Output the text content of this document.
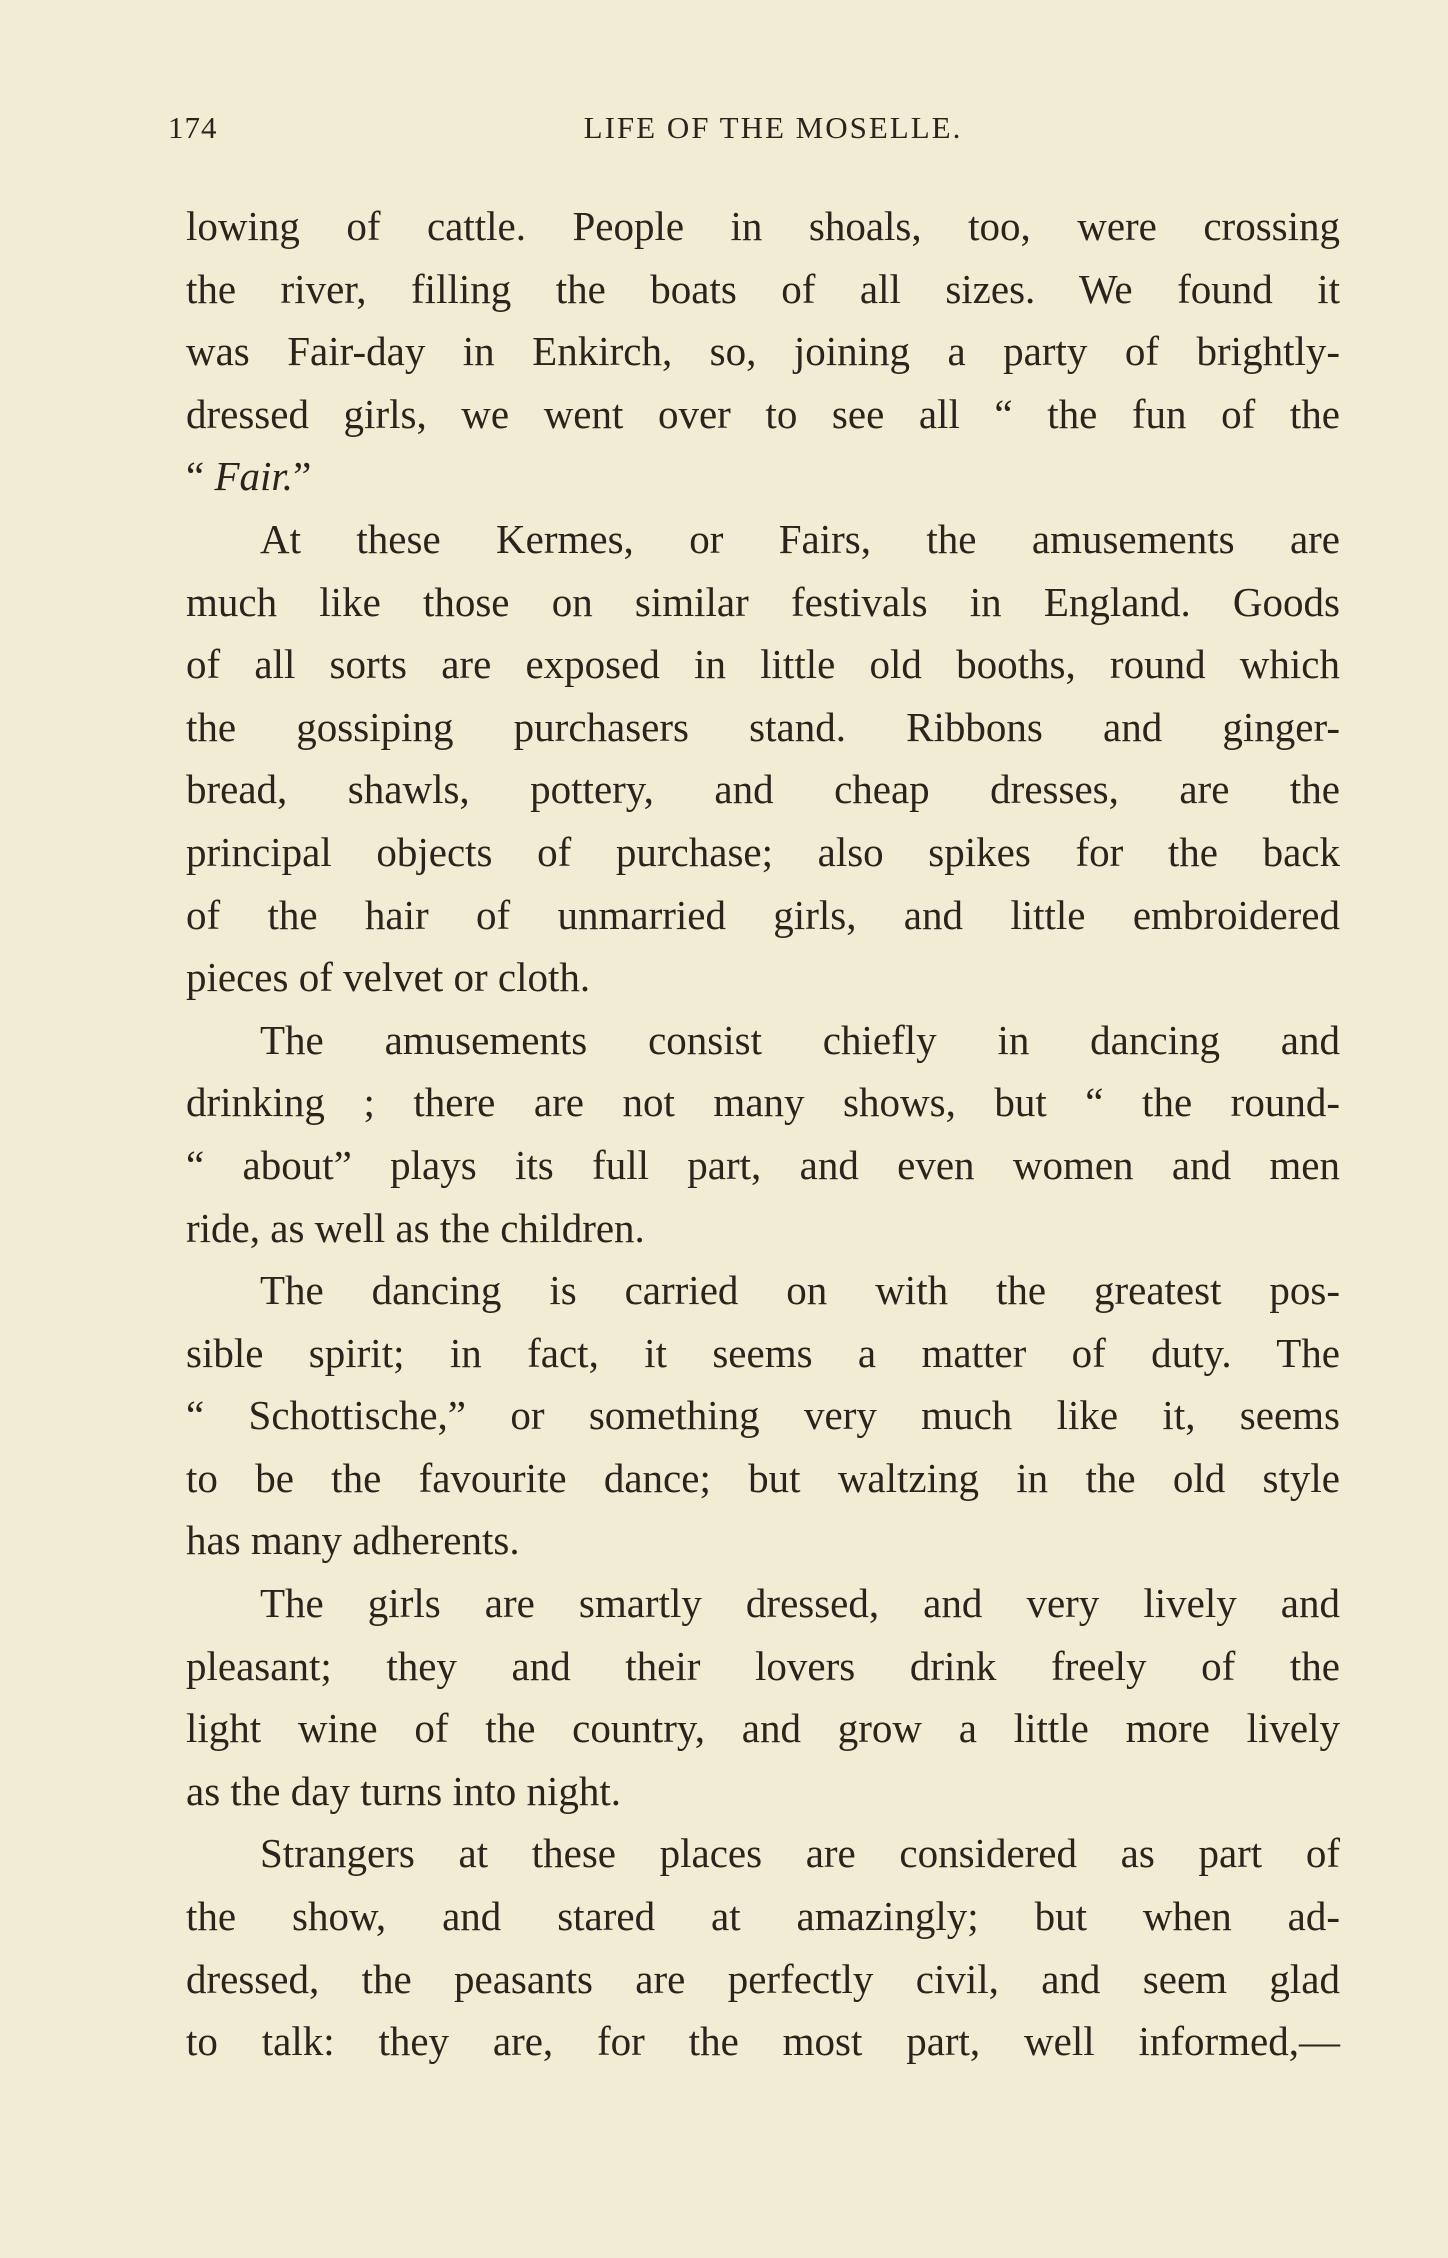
174	LIFE OF THE MOSELLE.
lowing of cattle. People in shoals, too, were crossing
the river, filling the boats of all sizes. We found it
was Fair-day in Enkirch, so, joining a party of brightly-
dressed girls, we went over to see all “ the fun of the
“ Fair.”
At these Kermes, or Fairs, the amusements are
much like those on similar festivals in England. Goods
of all sorts are exposed in little old booths, round which
the gossiping purchasers stand. Ribbons and ginger-
bread, shawls, pottery, and cheap dresses, are the
principal objects of purchase; also spikes for the back
of the hair of unmarried girls, and little embroidered
pieces of velvet or cloth.
The amusements consist chiefly in dancing and
drinking ; there are not many shows, but “ the round-
“ about” plays its full part, and even women and men
ride, as well as the children.
The dancing is carried on with the greatest pos-
sible spirit; in fact, it seems a matter of duty. The
“ Schottische,” or something very much like it, seems
to be the favourite dance; but waltzing in the old style
has many adherents.
The girls are smartly dressed, and very lively and
pleasant; they and their lovers drink freely of the
light wine of the country, and grow a little more lively
as the day turns into night.
Strangers at these places are considered as part of
the show, and stared at amazingly; but when ad-
dressed, the peasants are perfectly civil, and seem glad
to talk: they are, for the most part, well informed,—
